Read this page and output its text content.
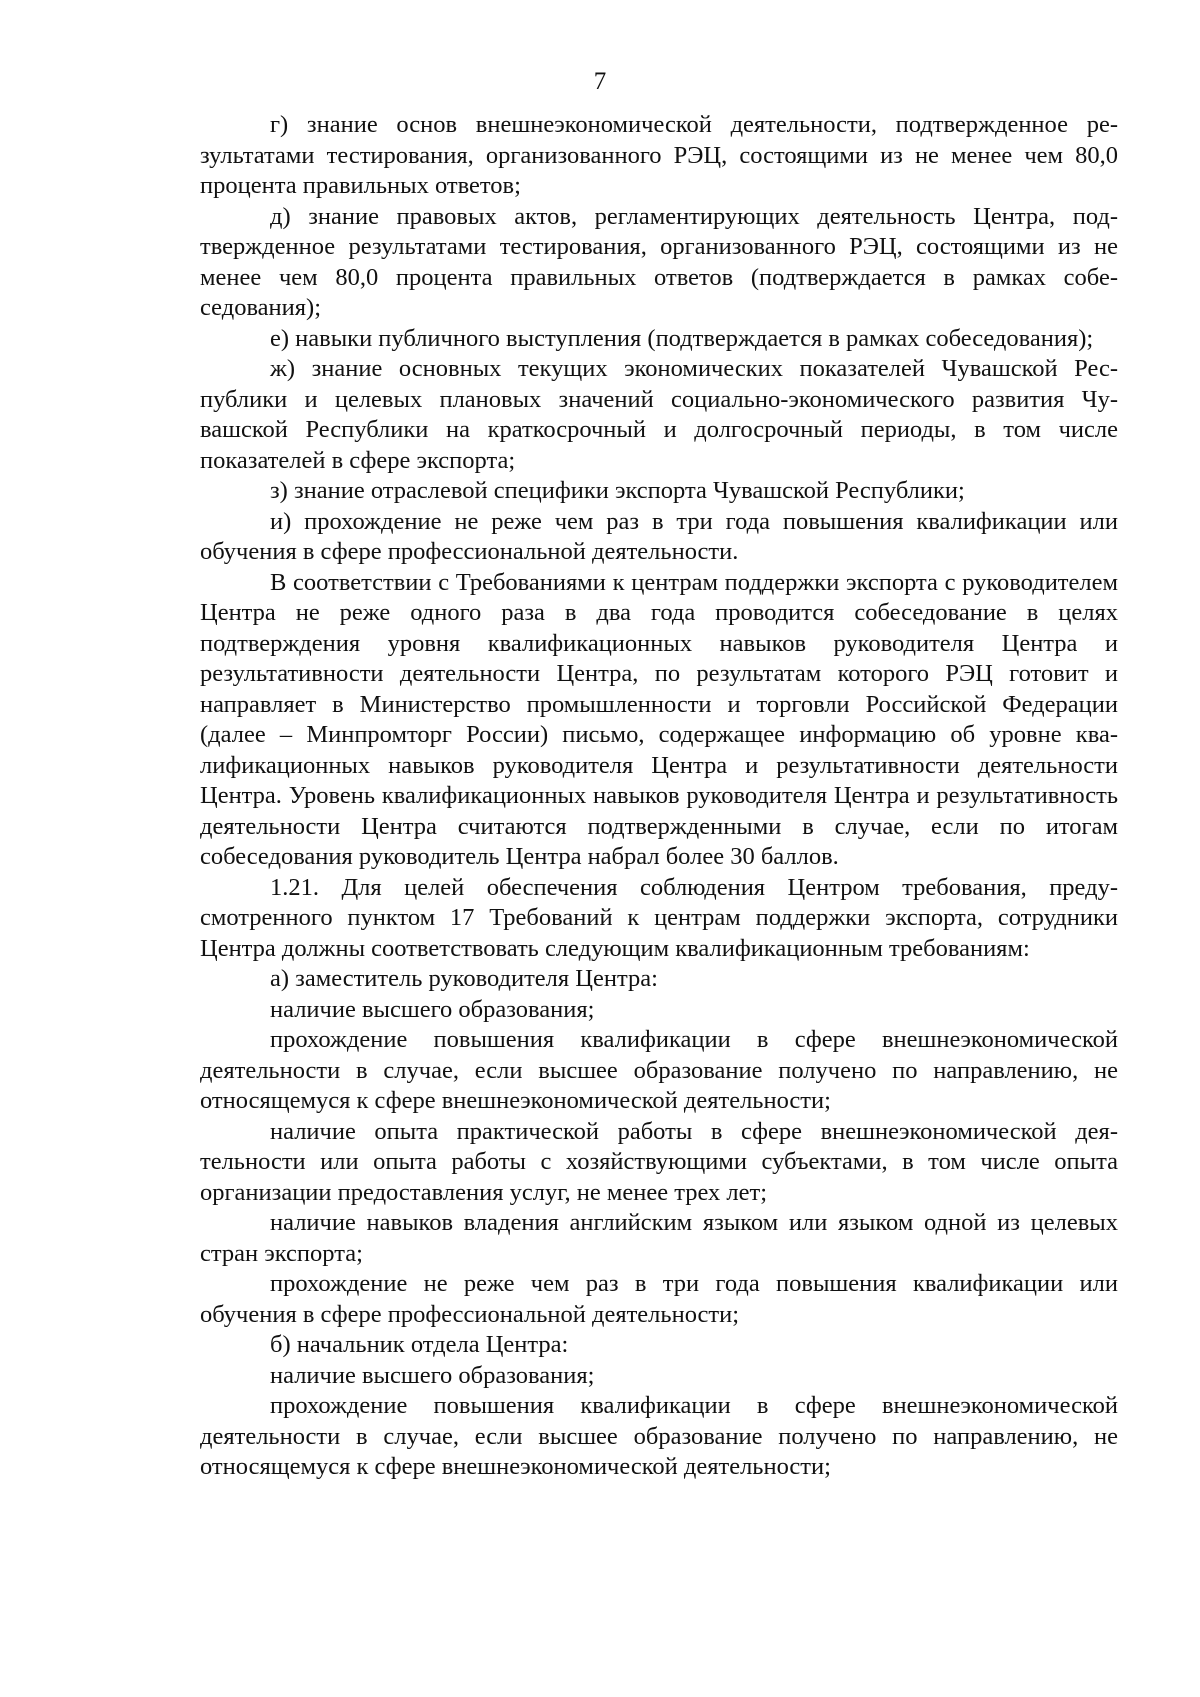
7

г) знание основ внешнеэкономической деятельности, подтвержденное результатами тестирования, организованного РЭЦ, состоящими из не менее чем 80,0 процента правильных ответов;

д) знание правовых актов, регламентирующих деятельность Центра, подтвержденное результатами тестирования, организованного РЭЦ, состоящими из не менее чем 80,0 процента правильных ответов (подтверждается в рамках собеседования);

е) навыки публичного выступления (подтверждается в рамках собеседования);

ж) знание основных текущих экономических показателей Чувашской Республики и целевых плановых значений социально-экономического развития Чувашской Республики на краткосрочный и долгосрочный периоды, в том числе показателей в сфере экспорта;

з) знание отраслевой специфики экспорта Чувашской Республики;

и) прохождение не реже чем раз в три года повышения квалификации или обучения в сфере профессиональной деятельности.

В соответствии с Требованиями к центрам поддержки экспорта с руководителем Центра не реже одного раза в два года проводится собеседование в целях подтверждения уровня квалификационных навыков руководителя Центра и результативности деятельности Центра, по результатам которого РЭЦ готовит и направляет в Министерство промышленности и торговли Российской Федерации (далее – Минпромторг России) письмо, содержащее информацию об уровне квалификационных навыков руководителя Центра и результативности деятельности Центра. Уровень квалификационных навыков руководителя Центра и результативность деятельности Центра считаются подтвержденными в случае, если по итогам собеседования руководитель Центра набрал более 30 баллов.

1.21. Для целей обеспечения соблюдения Центром требования, предусмотренного пунктом 17 Требований к центрам поддержки экспорта, сотрудники Центра должны соответствовать следующим квалификационным требованиям:

а) заместитель руководителя Центра:

наличие высшего образования;

прохождение повышения квалификации в сфере внешнеэкономической деятельности в случае, если высшее образование получено по направлению, не относящемуся к сфере внешнеэкономической деятельности;

наличие опыта практической работы в сфере внешнеэкономической деятельности или опыта работы с хозяйствующими субъектами, в том числе опыта организации предоставления услуг, не менее трех лет;

наличие навыков владения английским языком или языком одной из целевых стран экспорта;

прохождение не реже чем раз в три года повышения квалификации или обучения в сфере профессиональной деятельности;

б) начальник отдела Центра:

наличие высшего образования;

прохождение повышения квалификации в сфере внешнеэкономической деятельности в случае, если высшее образование получено по направлению, не относящемуся к сфере внешнеэкономической деятельности;
